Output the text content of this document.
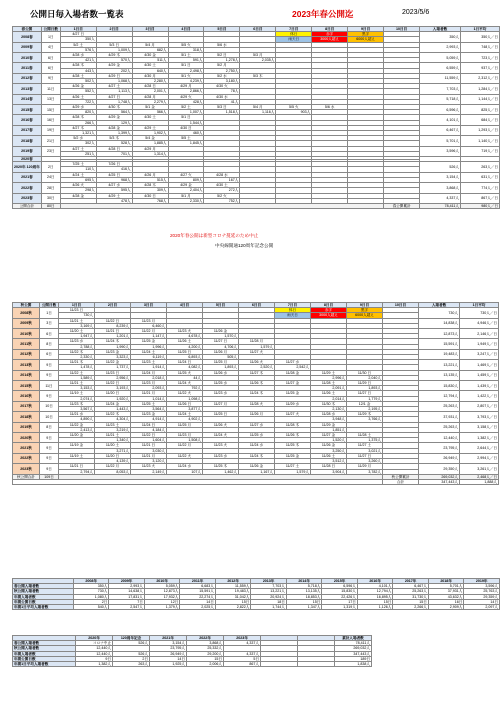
公開日毎入場者数一覧表	2023年春公開迄	2023/5/6
春公開	公開日数	1日目	2日目	3日目	4日目	5日目	6日目	7日目	8日目	9日目	10日目	入場者数	1日平均
2008春	1日	4/27 日						休日	赤字	黒字		350人	350人／日
		350人						雨天日	3000人超え	6000人超え			
2009春	4日	5/2 土	5/3 日	5/4 月	5/5 火	5/6 水						2,993人	748人／日
		576人	1,009人	682人	318人								
2010春	6日	4/28 水	4/29 木	4/30 金	5/1 土	5/2 日	5/3 月					5,059人	723人／日
		421人	570人	511人	591人	1,278人	2,035人						
2011春	6日	4/28 木	4/29 金	4/30 土	5/1 日	5/2 月						6,559人	937人／日
		443人	202人	640人	2,498人	2,750人							
2012春	9日	4/28 土	4/29 日	4/30 月	5/1 火	5/2 水	5/3 木					11,559人	2,312人／日
		502人	1,068人	2,280人	4,239人	3,180人							
2013春	11日	4/26 金	4/27 土	4/28 日	4/29 月	4/30 火						7,703人	1,284人／日
		552人	1,113人	2,001人	2,866人	78人							
2014春	13日	4/26 土	4/27 日	4/28 月	4/29 火	4/30 水						5,718人	1,144人／日
		722人	1,748人	2,279人	428人	41人							
2015春	15日	4/29 水	4/30 木	5/1 金	5/2 土	5/3 日	5/4 月	5/5 火	5/6 水			6,596人	825人／日
		820人	564人	566人	1,007人	1,518人	1,116人	903人					
2016春	16日	4/28 木	4/29 金	4/30 土	5/1 日							4,101人	684人／日
		266人	129人		1,544人								
2017春	19日	4/27 木	4/28 金	4/29 土	4/30 日							6,467人	1,293人／日
		1,321人	1,399人	1,902人	460人								
2018春	21日	5/2 水	5/3 木	5/4 金	5/5 土							5,701人	1,140人／日
		302人	528人	1,885人	1,845人								
2019春	23日	4/27 土	4/28 日	4/29 月								3,596人	719人／日
		251人	701人	1,314人									
2020春													

2020年 120周年	2日	7/25 土	7/26 日									526人	263人／日
		110人	416人										
2021春	24日	4/24 土	4/25 日	4/26 月	4/27 火	4/28 水						3,154人	631人／日
		695人	968人	515人	809人	167人							
2022春	28日	4/26 火	4/27 水	4/28 木	4/29 金	4/30 土						3,868人	774人／日
		298人	595人	309人	2,404人	272人							
2023春	30日	4/28 金	4/29 土	4/30 日	5/1 月	5/2 火						4,337人	867人／日
			478人	768人	2,330人	752人							
公開合計	80日										春公開累計	78,411人	980人／日
秋公開	公開日数	1日目	2日目	3日目	4日目	5日目	6日目	7日目	8日目	9日目	10日目	入場者数	1日平均
2008秋	1日	11/23 日						休日	赤字	黒字		730人	730人／日
		730人						雨天日	3000人超え	6000人超え			
2009秋	3日	11/21 土	11/22 日	11/23 月								14,838人	4,946人／日
		3,169人	8,239人	6,460人									
2010秋	6日	11/20 土	11/21 日	11/22 月	11/23 火	11/26 金						12,873人	2,146人／日
		1,947人	1,201人	1,147人	4,678人	1,570人							
2011秋	8日	11/23 水	11/24 木	11/25 金	11/26 土	11/27 日	11/28 月					15,591人	1,949人／日
		2,788人	1,990人	1,996人	4,200人	4,706人	1,579人						
2012秋	6日	11/22 木	11/23 金	11/24 土	11/25 日	11/26 月	11/27 火					19,483人	3,247人／日
		2,330人	3,323人	6,119人	6,893人	505人							
2013秋	9日	11/21 木	11/22 金	11/23 土	11/24 日	11/25 月	11/26 火	11/27 水				13,221人	1,469人／日
		1,478人	1,737人	1,914人	4,082人	1,893人	2,520人	2,542人					
2014秋	9日	11/22 土	11/23 日	11/24 月	11/25 火	11/26 水	11/27 木	11/28 金	11/29 土	11/30 日		13,135人	1,459人／日
		1,589人	2,956人	2,018人	44人				2,996人	2,040人			
2015秋	11日	11/21 土	11/22 日	11/23 月	11/24 火	11/25 水	11/26 木	11/27 金	11/28 土	11/29 日		15,830人	1,439人／日
		3,153人	3,193人	2,093人	792人				2,091人	1,893人			
2016秋	9日	11/19 土	11/20 日	11/21 月	11/22 火	11/23 水	11/24 木	11/25 金	11/26 土	11/27 日		12,794人	1,422人／日
		2,074人	1,920人	1,014人	1,098人				2,014人	1,779人			
2017秋	10日	11/23 木	11/24 金	11/25 土	11/26 日	11/27 月	11/28 火	11/29 水	11/30 木	12/1 金		25,263人	2,807人／日
		3,567人	1,443人	3,564人	3,877人				2,130人	2,195人			
2018秋	10日	11/21 水	11/22 木	11/23 金	11/24 土	11/25 日	11/26 月	11/27 火	11/28 水	11/29 木		37,931人	3,793人／日
		4,890人	4,304人	4,914人	4,902人				3,948人	3,766人			
2019秋	8日	11/22 金	11/23 土	11/24 日	11/25 月	11/26 火	11/27 水	11/28 木	11/29 金			25,263人	3,158人／日
		2,413人	3,219人	4,184人					1,851人				
2020秋	9日	11/20 金	11/21 土	11/22 日	11/23 月	11/24 火	11/25 水	11/26 木	11/27 金	11/28 土		12,440人	1,382人／日
			1,340人	1,604人	1,508人				1,520人	1,375人			
2021秋	9日	11/19 金	11/20 土	11/21 日	11/22 月	11/23 火	11/24 水	11/25 木	11/26 金	11/27 土		23,795人	2,644人／日
			3,271人	3,030人					3,250人	3,021人			
2022秋	9日	11/19 土	11/20 日	11/21 月	11/22 火	11/23 水	11/24 木	11/25 金	11/26 土	11/27 日		26,949人	2,994人／日
			4,139人	3,120人					3,512人	3,260人			
2023秋	9日	11/21 日	11/22 月	11/23 火	11/24 水	11/25 木	11/26 金	11/27 土	11/28 日	11/29 月		29,350人	3,261人／日
		2,794人	8,053人	2,149人	107人	1,462人	1,167人	1,579人	3,904人	3,782人			
秋公開合計	109日										秋公開累計	269,032人	2,468人／日
											合計	347,443人	1,888人
	2008年	2009年	2010年	2011年	2012年	2013年	2014年	2015年	2016年	2017年	2018年	2019年
春公開入場者数	350人	2,993人	5,059人	6,683人	11,559人	7,703人	5,718人	6,596人	4,101人	6,467人	5,701人	3,596人
秋公開入場者数	730人	14,638人	12,873人	15,591人	19,483人	13,221人	13,135人	15,830人	12,794人	25,263人	37,931人	25,763人
年間入場者数	1,080人	17,831人	17,932人	22,274人	31,042人	20,924人	18,853人	22,426人	16,895人	31,730人	43,632人	29,359人
年間公開日数	2日	7日	12日	14日	15日	18日	15日	17日	15日	15日	16日	14日
年間1日平均入場者数	540人	2,547人	1,379人	2,025人	2,822人	1,744人	1,347人	1,319人	1,126人	2,266人	2,909人	2,097人
	2020年	120周年記念	2021年	2022年	2023年			累計入場者数
春公開入場者数	コロナ中止	526人	3,154人	3,868人	4,337人			78,411人
秋公開入場者数	12,440人		23,795人	25,332人				269,032人
年間入場者数	12,440人	526人	26,949人	29,200人	4,337人			347,443人
年間公開日数	9日	2日	14日	15日	5日			189日
年間1日平均入場者数	1,382人	263人	1,925人	2,006人	867人			1,838人
2020年春公開は新型コロナ蔓延のため中止
中央線開通120周年記念公開
